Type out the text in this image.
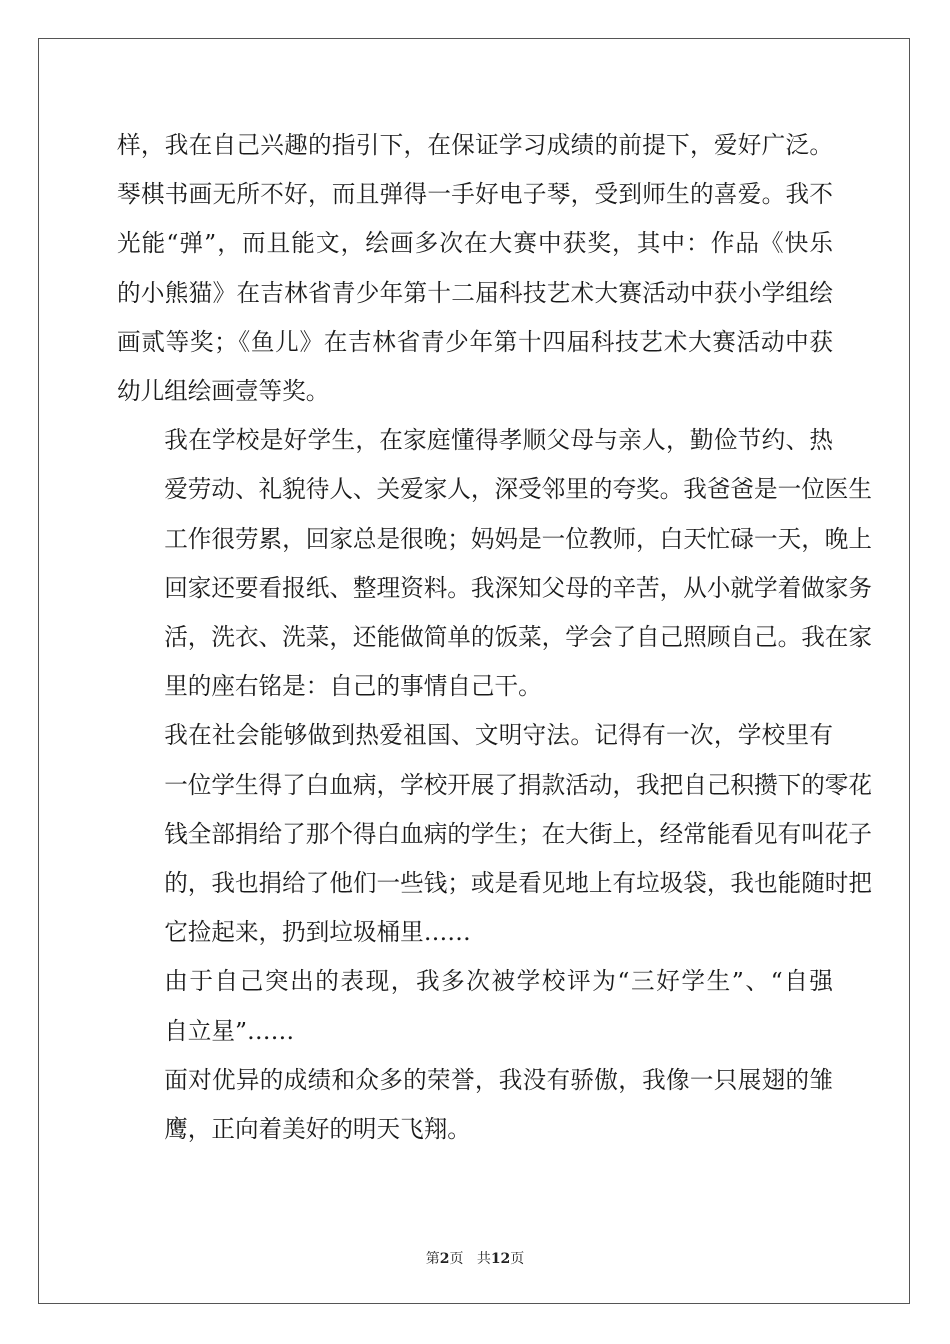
样，我在自己兴趣的指引下，在保证学习成绩的前提下，爱好广泛。
琴棋书画无所不好，而且弹得一手好电子琴，受到师生的喜爱。我不
光能“弹”，而且能文，绘画多次在大赛中获奖，其中：作品《快乐
的小熊猫》在吉林省青少年第十二届科技艺术大赛活动中获小学组绘
画贰等奖；《鱼儿》在吉林省青少年第十四届科技艺术大赛活动中获
幼儿组绘画壹等奖。
我在学校是好学生，在家庭懂得孝顺父母与亲人，勤俭节约、热
爱劳动、礼貌待人、关爱家人，深受邻里的夸奖。我爸爸是一位医生
工作很劳累，回家总是很晚；妈妈是一位教师，白天忙碌一天，晚上
回家还要看报纸、整理资料。我深知父母的辛苦，从小就学着做家务
活，洗衣、洗菜，还能做简单的饭菜，学会了自己照顾自己。我在家
里的座右铭是：自己的事情自己干。
我在社会能够做到热爱祖国、文明守法。记得有一次，学校里有
一位学生得了白血病，学校开展了捐款活动，我把自己积攒下的零花
钱全部捐给了那个得白血病的学生；在大街上，经常能看见有叫花子
的，我也捐给了他们一些钱；或是看见地上有垃圾袋，我也能随时把
它捡起来，扔到垃圾桶里……
由于自己突出的表现，我多次被学校评为“三好学生”、“自强
自立星”……
面对优异的成绩和众多的荣誉，我没有骄傲，我像一只展翅的雏
鹰，正向着美好的明天飞翔。
第2页 共12页
